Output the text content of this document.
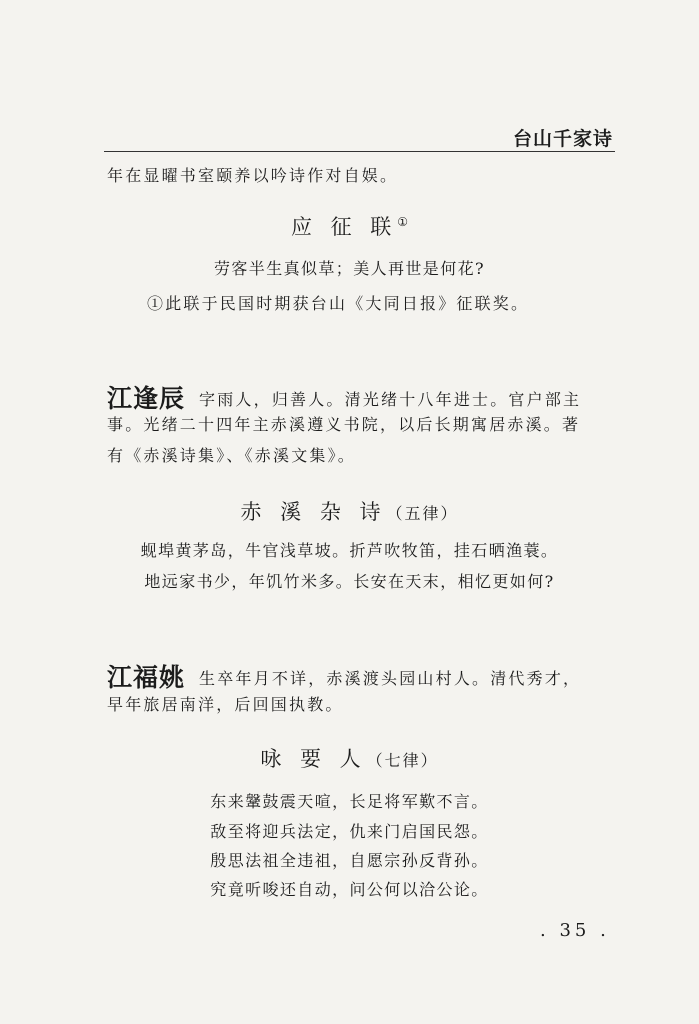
台山千家诗
年在显曜书室颐养以吟诗作对自娱。
应 征 联①
劳客半生真似草；美人再世是何花?
①此联于民国时期获台山《大同日报》征联奖。
江逢辰 字雨人，归善人。清光绪十八年进士。官户部主
事。光绪二十四年主赤溪遵义书院，以后长期寓居赤溪。著
有《赤溪诗集》、《赤溪文集》。
赤 溪 杂 诗（五律）
蚬埠黄茅岛，牛官浅草坡。折芦吹牧笛，挂石晒渔蓑。
地远家书少，年饥竹米多。长安在天末，相忆更如何?
江福姚 生卒年月不详，赤溪渡头园山村人。清代秀才，
早年旅居南洋，后回国执教。
咏 要 人（七律）
东来鞶鼓震天喧，长足将军歎不言。
敌至将迎兵法定，仇来门启国民怨。
殷思法祖全违祖，自愿宗孙反背孙。
究竟听唆还自动，问公何以洽公论。
. 35 .
